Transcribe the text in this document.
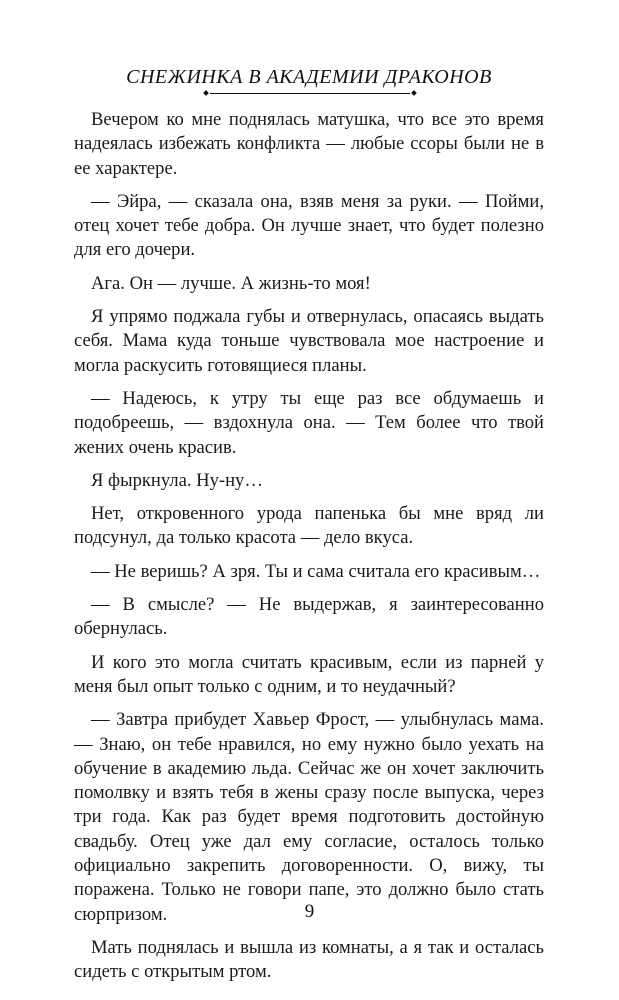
СНЕЖИНКА В АКАДЕМИИ ДРАКОНОВ

Вечером ко мне поднялась матушка, что все это время надеялась избежать конфликта — любые ссоры были не в ее характере.

— Эйра, — сказала она, взяв меня за руки. — Пойми, отец хочет тебе добра. Он лучше знает, что будет полезно для его дочери.

Ага. Он — лучше. А жизнь-то моя!

Я упрямо поджала губы и отвернулась, опасаясь выдать себя. Мама куда тоньше чувствовала мое настроение и могла раскусить готовящиеся планы.

— Надеюсь, к утру ты еще раз все обдумаешь и подобреешь, — вздохнула она. — Тем более что твой жених очень красив.

Я фыркнула. Ну-ну…

Нет, откровенного урода папенька бы мне вряд ли подсунул, да только красота — дело вкуса.

— Не веришь? А зря. Ты и сама считала его красивым…

— В смысле? — Не выдержав, я заинтересованно обернулась.

И кого это могла считать красивым, если из парней у меня был опыт только с одним, и то неудачный?

— Завтра прибудет Хавьер Фрост, — улыбнулась мама. — Знаю, он тебе нравился, но ему нужно было уехать на обучение в академию льда. Сейчас же он хочет заключить помолвку и взять тебя в жены сразу после выпуска, через три года. Как раз будет время подготовить достойную свадьбу. Отец уже дал ему согласие, осталось только официально закрепить договоренности. О, вижу, ты поражена. Только не говори папе, это должно было стать сюрпризом.

Мать поднялась и вышла из комнаты, а я так и осталась сидеть с открытым ртом.

9
